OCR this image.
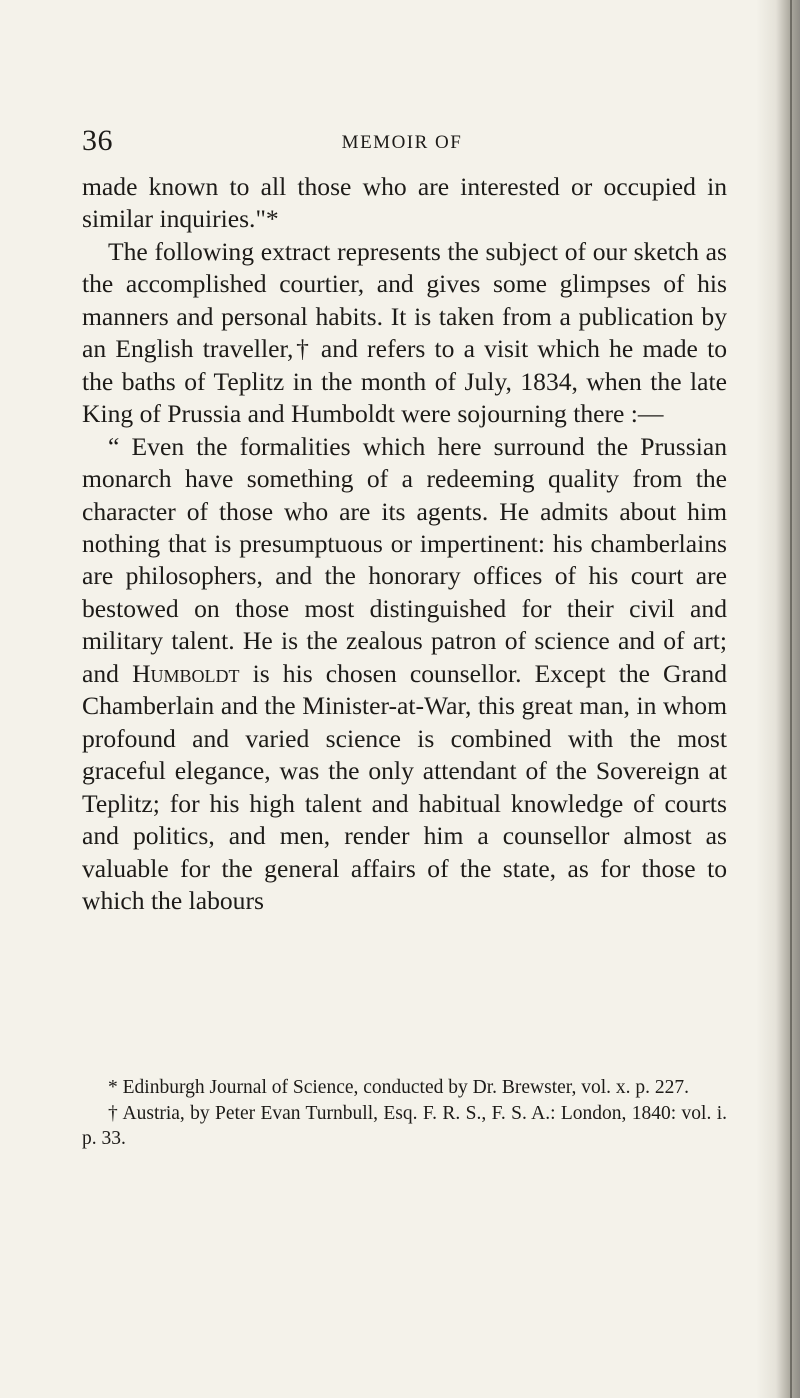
36	MEMOIR OF

made known to all those who are interested or occupied in similar inquiries."*

The following extract represents the subject of our sketch as the accomplished courtier, and gives some glimpses of his manners and personal habits. It is taken from a publication by an English traveller,† and refers to a visit which he made to the baths of Teplitz in the month of July, 1834, when the late King of Prussia and Humboldt were sojourning there :—

“ Even the formalities which here surround the Prussian monarch have something of a redeeming quality from the character of those who are its agents. He admits about him nothing that is presumptuous or impertinent: his chamberlains are philosophers, and the honorary offices of his court are bestowed on those most distinguished for their civil and military talent. He is the zealous patron of science and of art; and Humboldt is his chosen counsellor. Except the Grand Chamberlain and the Minister-at-War, this great man, in whom profound and varied science is combined with the most graceful elegance, was the only attendant of the Sovereign at Teplitz; for his high talent and habitual knowledge of courts and politics, and men, render him a counsellor almost as valuable for the general affairs of the state, as for those to which the labours

* Edinburgh Journal of Science, conducted by Dr. Brewster, vol. x. p. 227.

† Austria, by Peter Evan Turnbull, Esq. F. R. S., F. S. A.: London, 1840: vol. i. p. 33.
